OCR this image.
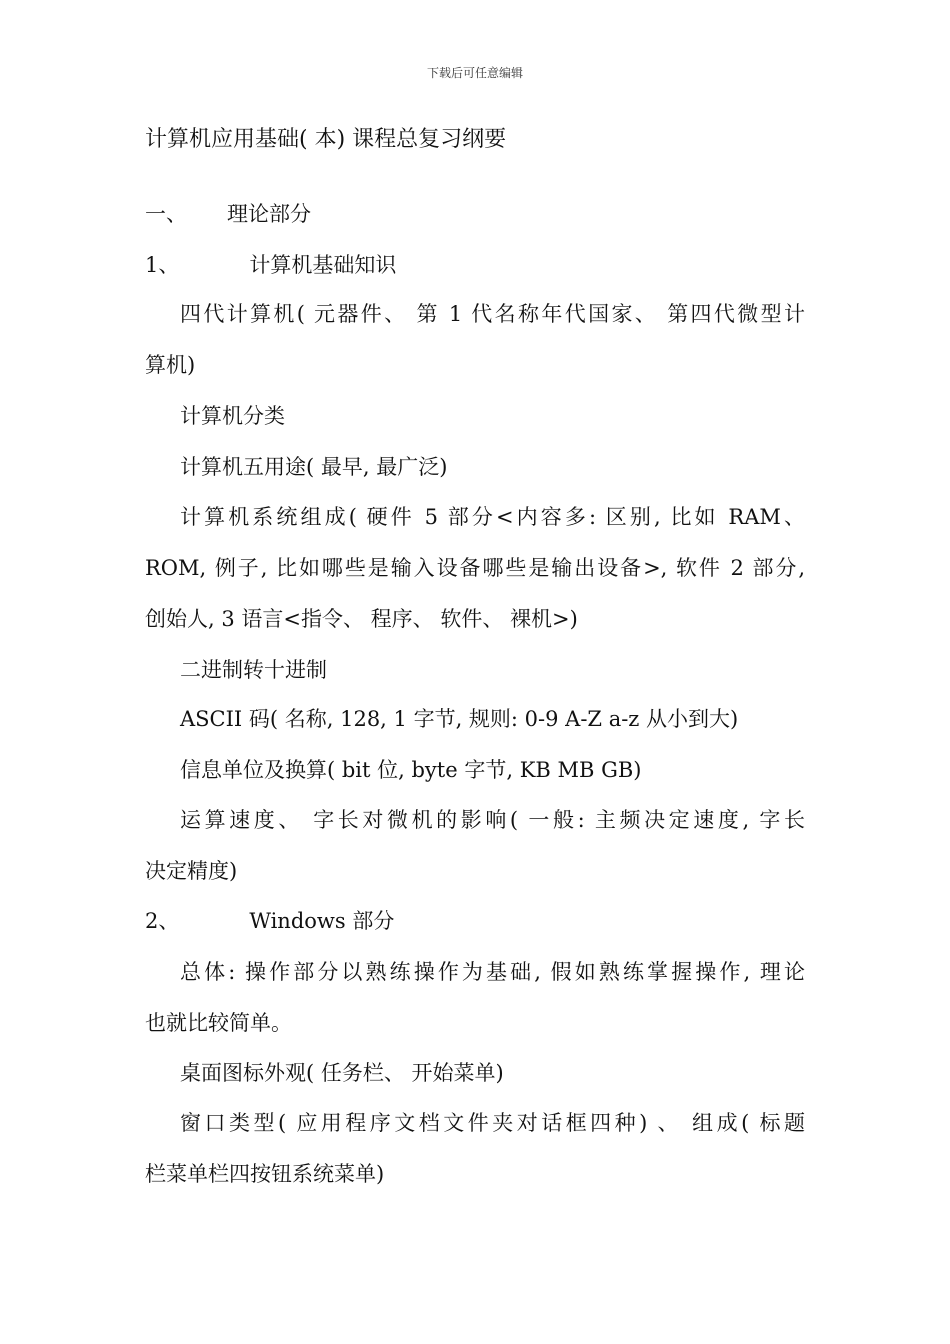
下载后可任意编辑
计算机应用基础( 本) 课程总复习纲要
一、 理论部分
1、	计算机基础知识
四代计算机( 元器件、 第 1 代名称年代国家、 第四代微型计
算机)
计算机分类
计算机五用途( 最早, 最广泛)
计算机系统组成( 硬件 5 部分<内容多: 区别, 比如 RAM、
ROM, 例子, 比如哪些是输入设备哪些是输出设备>, 软件 2 部分,
创始人, 3 语言<指令、 程序、 软件、 裸机>)
二进制转十进制
ASCII 码( 名称, 128, 1 字节, 规则: 0-9 A-Z a-z 从小到大)
信息单位及换算( bit 位, byte 字节, KB MB GB)
运算速度、 字长对微机的影响( 一般: 主频决定速度, 字长
决定精度)
2、	Windows 部分
总体: 操作部分以熟练操作为基础, 假如熟练掌握操作, 理论
也就比较简单。
桌面图标外观( 任务栏、 开始菜单)
窗口类型( 应用程序文档文件夹对话框四种) 、 组成( 标题
栏菜单栏四按钮系统菜单)
